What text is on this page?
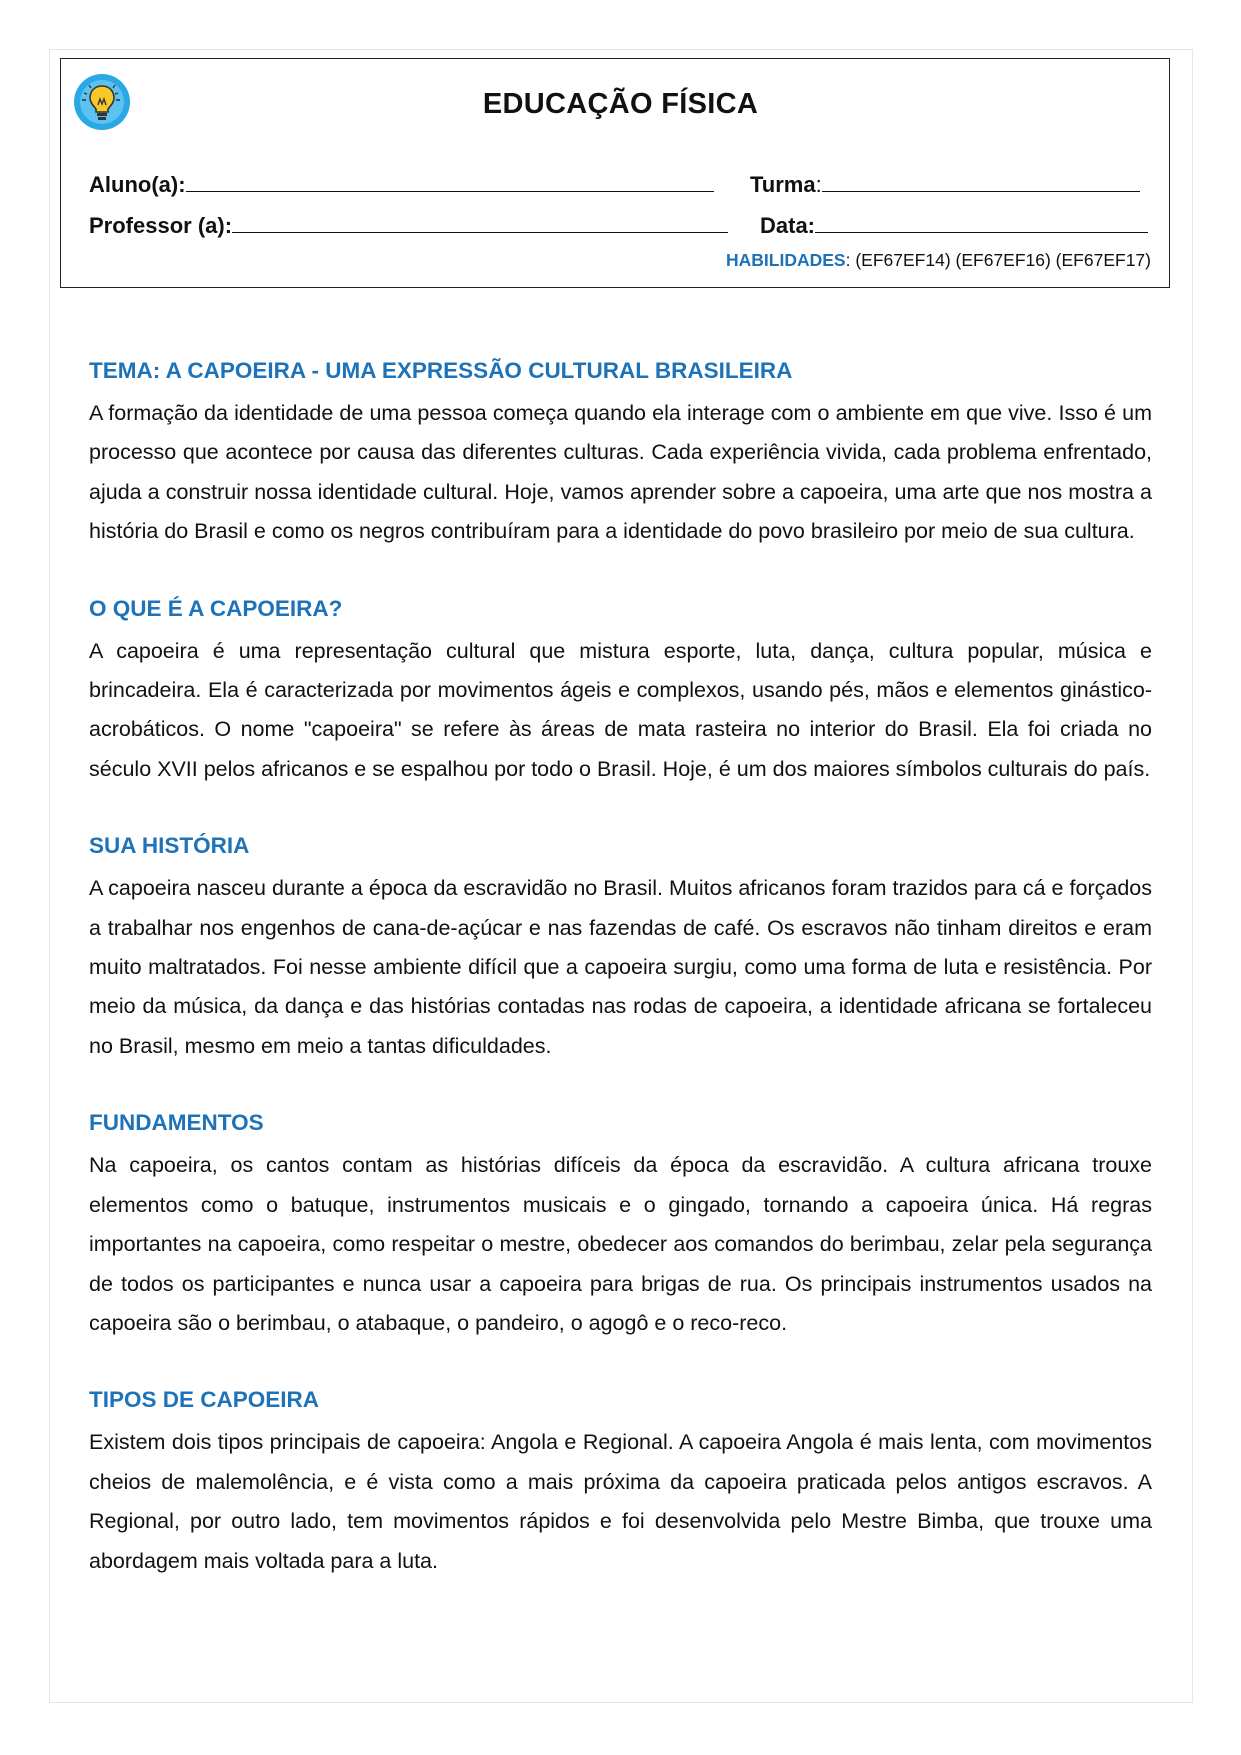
EDUCAÇÃO FÍSICA
Aluno(a):	Turma:
Professor (a):	Data:
HABILIDADES: (EF67EF14) (EF67EF16) (EF67EF17)
TEMA: A CAPOEIRA - UMA EXPRESSÃO CULTURAL BRASILEIRA

A formação da identidade de uma pessoa começa quando ela interage com o ambiente em que vive. Isso é um processo que acontece por causa das diferentes culturas. Cada experiência vivida, cada problema enfrentado, ajuda a construir nossa identidade cultural. Hoje, vamos aprender sobre a capoeira, uma arte que nos mostra a história do Brasil e como os negros contribuíram para a identidade do povo brasileiro por meio de sua cultura.

O QUE É A CAPOEIRA?

A capoeira é uma representação cultural que mistura esporte, luta, dança, cultura popular, música e brincadeira. Ela é caracterizada por movimentos ágeis e complexos, usando pés, mãos e elementos ginástico-acrobáticos. O nome "capoeira" se refere às áreas de mata rasteira no interior do Brasil. Ela foi criada no século XVII pelos africanos e se espalhou por todo o Brasil. Hoje, é um dos maiores símbolos culturais do país.

SUA HISTÓRIA

A capoeira nasceu durante a época da escravidão no Brasil. Muitos africanos foram trazidos para cá e forçados a trabalhar nos engenhos de cana-de-açúcar e nas fazendas de café. Os escravos não tinham direitos e eram muito maltratados. Foi nesse ambiente difícil que a capoeira surgiu, como uma forma de luta e resistência. Por meio da música, da dança e das histórias contadas nas rodas de capoeira, a identidade africana se fortaleceu no Brasil, mesmo em meio a tantas dificuldades.

FUNDAMENTOS

Na capoeira, os cantos contam as histórias difíceis da época da escravidão. A cultura africana trouxe elementos como o batuque, instrumentos musicais e o gingado, tornando a capoeira única. Há regras importantes na capoeira, como respeitar o mestre, obedecer aos comandos do berimbau, zelar pela segurança de todos os participantes e nunca usar a capoeira para brigas de rua. Os principais instrumentos usados na capoeira são o berimbau, o atabaque, o pandeiro, o agogô e o reco-reco.

TIPOS DE CAPOEIRA

Existem dois tipos principais de capoeira: Angola e Regional. A capoeira Angola é mais lenta, com movimentos cheios de malemolência, e é vista como a mais próxima da capoeira praticada pelos antigos escravos. A Regional, por outro lado, tem movimentos rápidos e foi desenvolvida pelo Mestre Bimba, que trouxe uma abordagem mais voltada para a luta.
